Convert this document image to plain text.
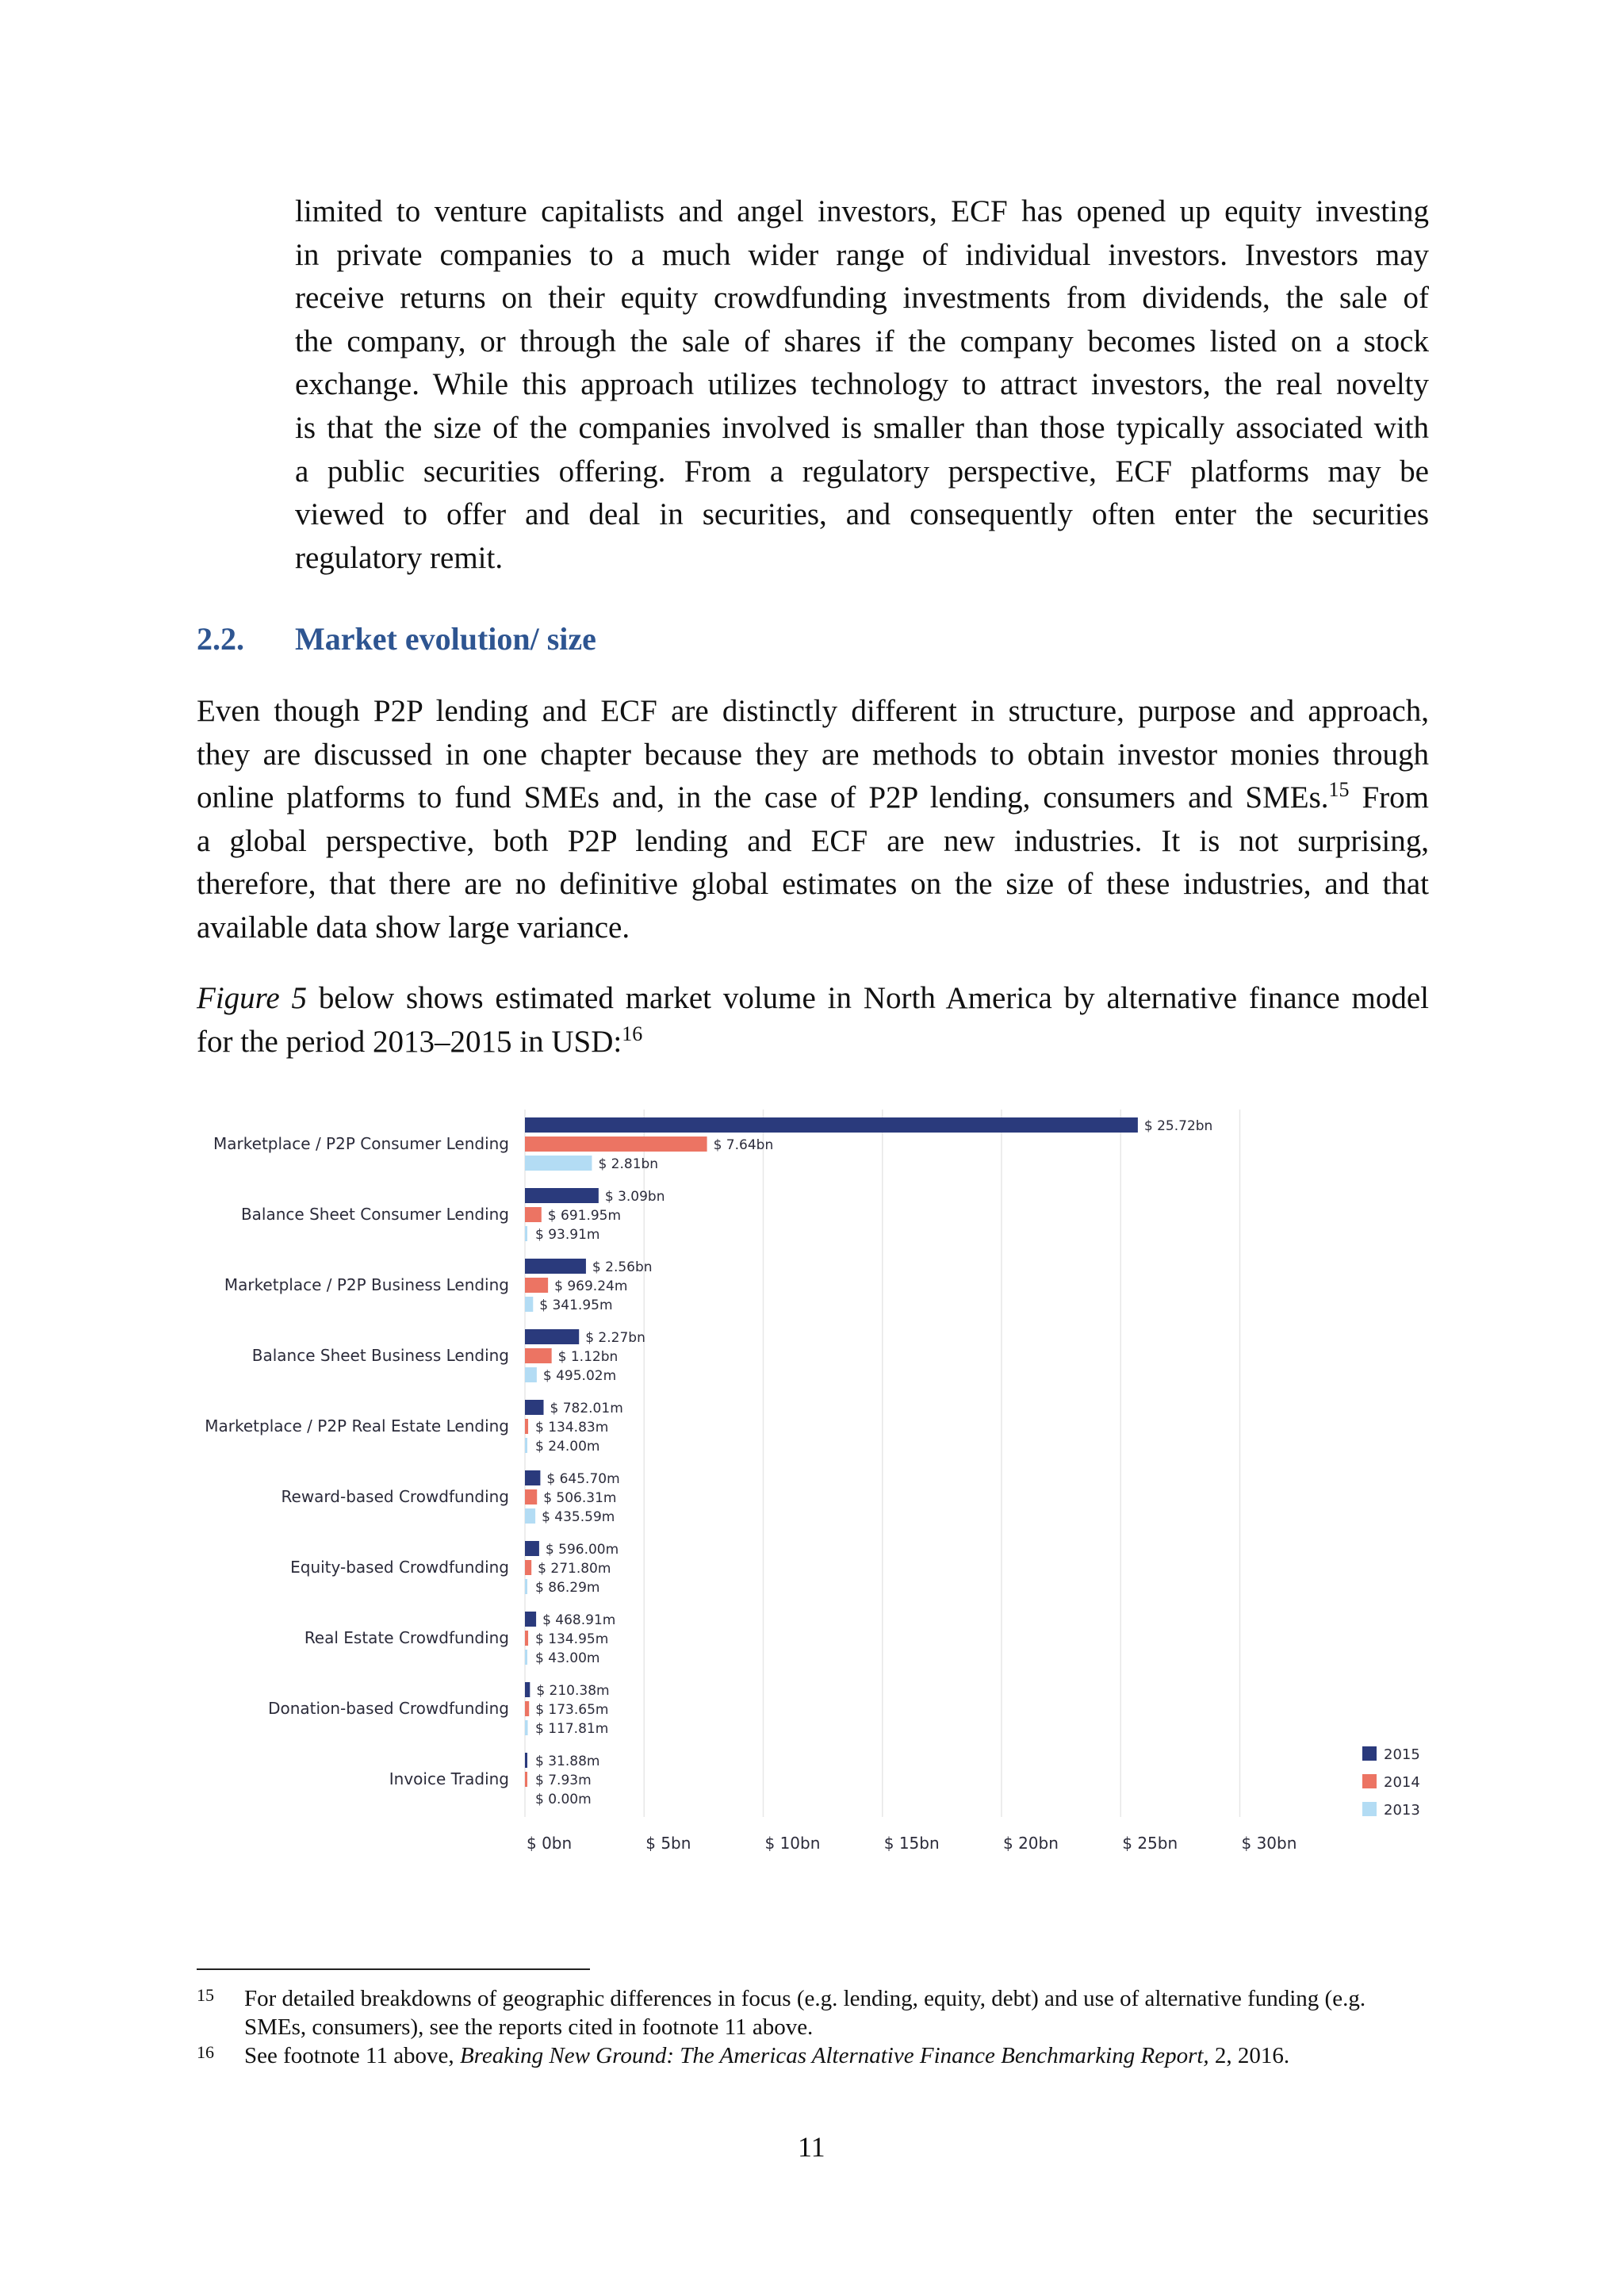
limited to venture capitalists and angel investors, ECF has opened up equity investing
in private companies to a much wider range of individual investors. Investors may
receive returns on their equity crowdfunding investments from dividends, the sale of
the company, or through the sale of shares if the company becomes listed on a stock
exchange. While this approach utilizes technology to attract investors, the real novelty
is that the size of the companies involved is smaller than those typically associated with
a public securities offering. From a regulatory perspective, ECF platforms may be
viewed to offer and deal in securities, and consequently often enter the securities
regulatory remit.
2.2. Market evolution/ size
Even though P2P lending and ECF are distinctly different in structure, purpose and approach,
they are discussed in one chapter because they are methods to obtain investor monies through
online platforms to fund SMEs and, in the case of P2P lending, consumers and SMEs.$^{15}$ From
a global perspective, both P2P lending and ECF are new industries. It is not surprising,
therefore, that there are no definitive global estimates on the size of these industries, and that
available data show large variance.
Figure 5 below shows estimated market volume in North America by alternative finance model
for the period 2013–2015 in USD:$^{16}$
Marketplace / P2P Consumer Lending
Balance Sheet Consumer Lending
Marketplace / P2P Business Lending
Balance Sheet Business Lending
Marketplace / P2P Real Estate Lending
Reward-based Crowdfunding
Equity-based Crowdfunding
Real Estate Crowdfunding
Donation-based Crowdfunding
Invoice Trading
$ 25.72bn
$ 7.64bn
$ 2.81bn
$ 3.09bn
$ 691.95m
$ 93.91m
$ 2.56bn
$ 969.24m
$ 341.95m
$ 2.27bn
$ 1.12bn
$ 495.02m
$ 782.01m
$ 134.83m
$ 24.00m
$ 645.70m
$ 506.31m
$ 435.59m
$ 596.00m
$ 271.80m
$ 86.29m
$ 468.91m
$ 134.95m
$ 43.00m
$ 210.38m
$ 173.65m
$ 117.81m
$ 31.88m
$ 7.93m
$ 0.00m
$ 0bn	$ 5bn	$ 10bn	$ 15bn	$ 20bn	$ 25bn	$ 30bn
2015
2014
2013
15 For detailed breakdowns of geographic differences in focus (e.g. lending, equity, debt) and use of alternative funding (e.g.
SMEs, consumers), see the reports cited in footnote 11 above.
16 See footnote 11 above, Breaking New Ground: The Americas Alternative Finance Benchmarking Report, 2, 2016.
11
